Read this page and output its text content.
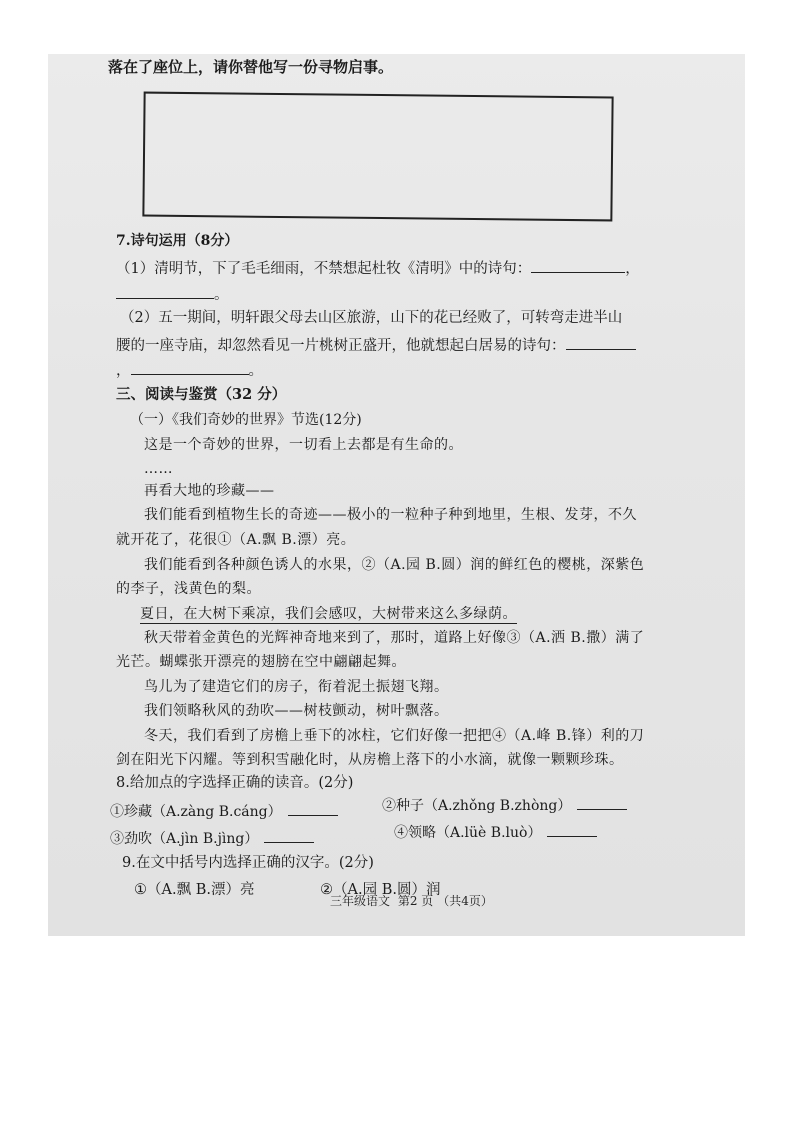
落在了座位上，请你替他写一份寻物启事。
7.诗句运用（8分）
（1）清明节，下了毛毛细雨，不禁想起杜牧《清明》中的诗句：	，
。
（2）五一期间，明轩跟父母去山区旅游，山下的花已经败了，可转弯走进半山
腰的一座寺庙，却忽然看见一片桃树正盛开，他就想起白居易的诗句：
，	。
三、阅读与鉴赏（32 分）
（一）《我们奇妙的世界》节选(12分)
这是一个奇妙的世界，一切看上去都是有生命的。
……
再看大地的珍藏——
我们能看到植物生长的奇迹——极小的一粒种子种到地里，生根、发芽，不久
就开花了，花很①（A.飘 B.漂）亮。
我们能看到各种颜色诱人的水果，②（A.园 B.圆）润的鲜红色的樱桃，深紫色
的李子，浅黄色的梨。
夏日，在大树下乘凉，我们会感叹，大树带来这么多绿荫。
秋天带着金黄色的光辉神奇地来到了，那时，道路上好像③（A.洒 B.撒）满了
光芒。蝴蝶张开漂亮的翅膀在空中翩翩起舞。
鸟儿为了建造它们的房子，衔着泥土振翅飞翔。
我们领略秋风的劲吹——树枝颤动，树叶飘落。
冬天，我们看到了房檐上垂下的冰柱，它们好像一把把④（A.峰 B.锋）利的刀
剑在阳光下闪耀。等到积雪融化时，从房檐上落下的小水滴，就像一颗颗珍珠。
8.给加点的字选择正确的读音。(2分)
①珍藏（A.zàng B.cáng）	②种子（A.zhǒng B.zhòng）
③劲吹（A.jìn B.jìng）	④领略（A.lüè B.luò）
9.在文中括号内选择正确的汉字。(2分)
①（A.飘 B.漂）亮	②（A.园 B.圆）润
三年级语文 第2 页 （共4页）
